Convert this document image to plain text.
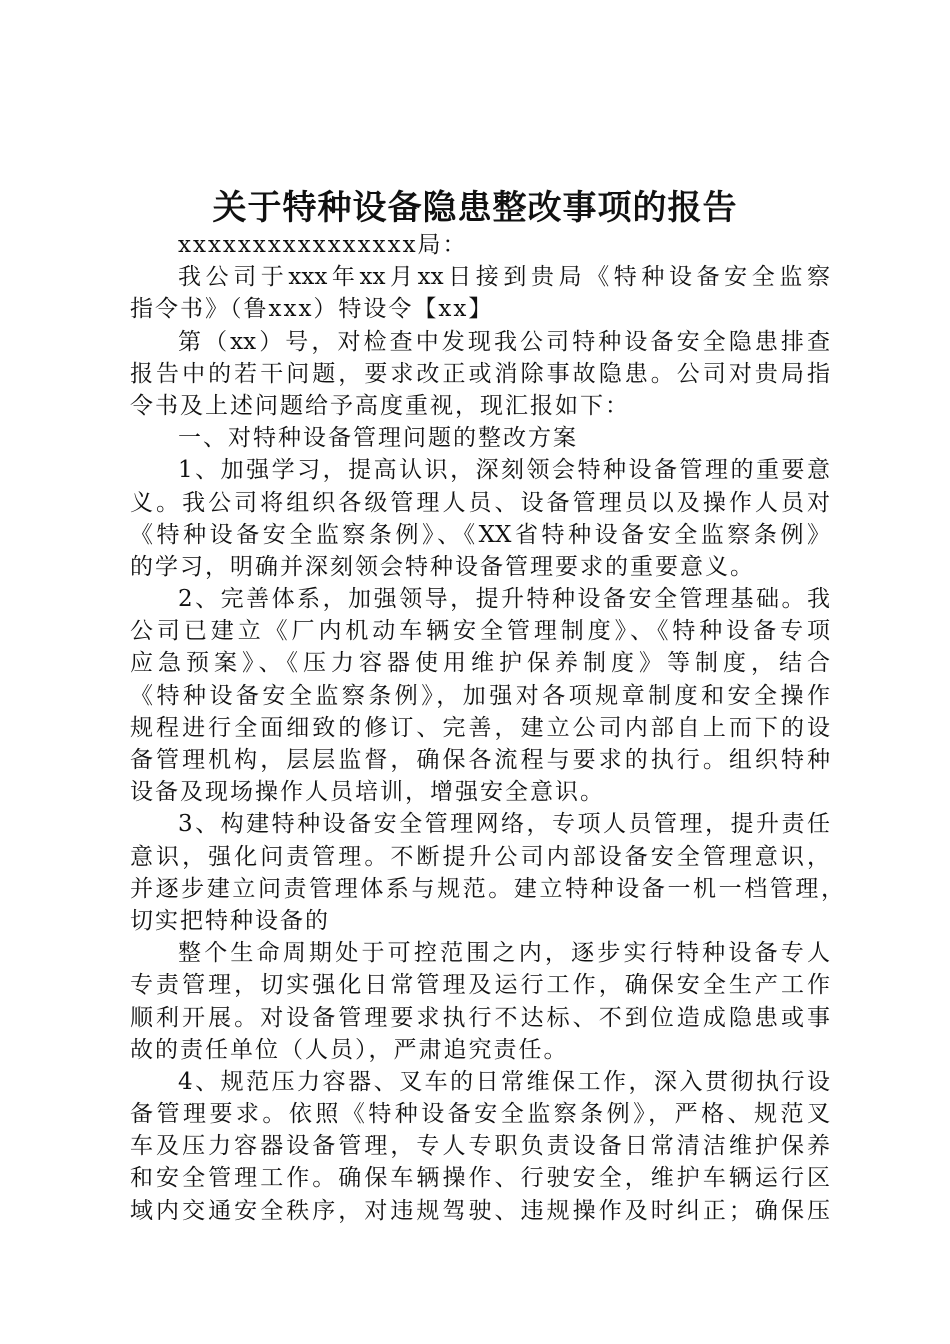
关于特种设备隐患整改事项的报告
xxxxxxxxxxxxxxxx局：
我公司于xxx年xx月xx日接到贵局《特种设备安全监察
指令书》（鲁xxx）特设令【xx】
第（xx）号，对检查中发现我公司特种设备安全隐患排查
报告中的若干问题，要求改正或消除事故隐患。公司对贵局指
令书及上述问题给予高度重视，现汇报如下：
一、对特种设备管理问题的整改方案
1、加强学习，提高认识，深刻领会特种设备管理的重要意
义。我公司将组织各级管理人员、设备管理员以及操作人员对
《特种设备安全监察条例》、《XX省特种设备安全监察条例》
的学习，明确并深刻领会特种设备管理要求的重要意义。
2、完善体系，加强领导，提升特种设备安全管理基础。我
公司已建立《厂内机动车辆安全管理制度》、《特种设备专项
应急预案》、《压力容器使用维护保养制度》等制度，结合
《特种设备安全监察条例》，加强对各项规章制度和安全操作
规程进行全面细致的修订、完善，建立公司内部自上而下的设
备管理机构，层层监督，确保各流程与要求的执行。组织特种
设备及现场操作人员培训，增强安全意识。
3、构建特种设备安全管理网络，专项人员管理，提升责任
意识，强化问责管理。不断提升公司内部设备安全管理意识，
并逐步建立问责管理体系与规范。建立特种设备一机一档管理，
切实把特种设备的
整个生命周期处于可控范围之内，逐步实行特种设备专人
专责管理，切实强化日常管理及运行工作，确保安全生产工作
顺利开展。对设备管理要求执行不达标、不到位造成隐患或事
故的责任单位（人员），严肃追究责任。
4、规范压力容器、叉车的日常维保工作，深入贯彻执行设
备管理要求。依照《特种设备安全监察条例》，严格、规范叉
车及压力容器设备管理，专人专职负责设备日常清洁维护保养
和安全管理工作。确保车辆操作、行驶安全，维护车辆运行区
域内交通安全秩序，对违规驾驶、违规操作及时纠正；确保压
